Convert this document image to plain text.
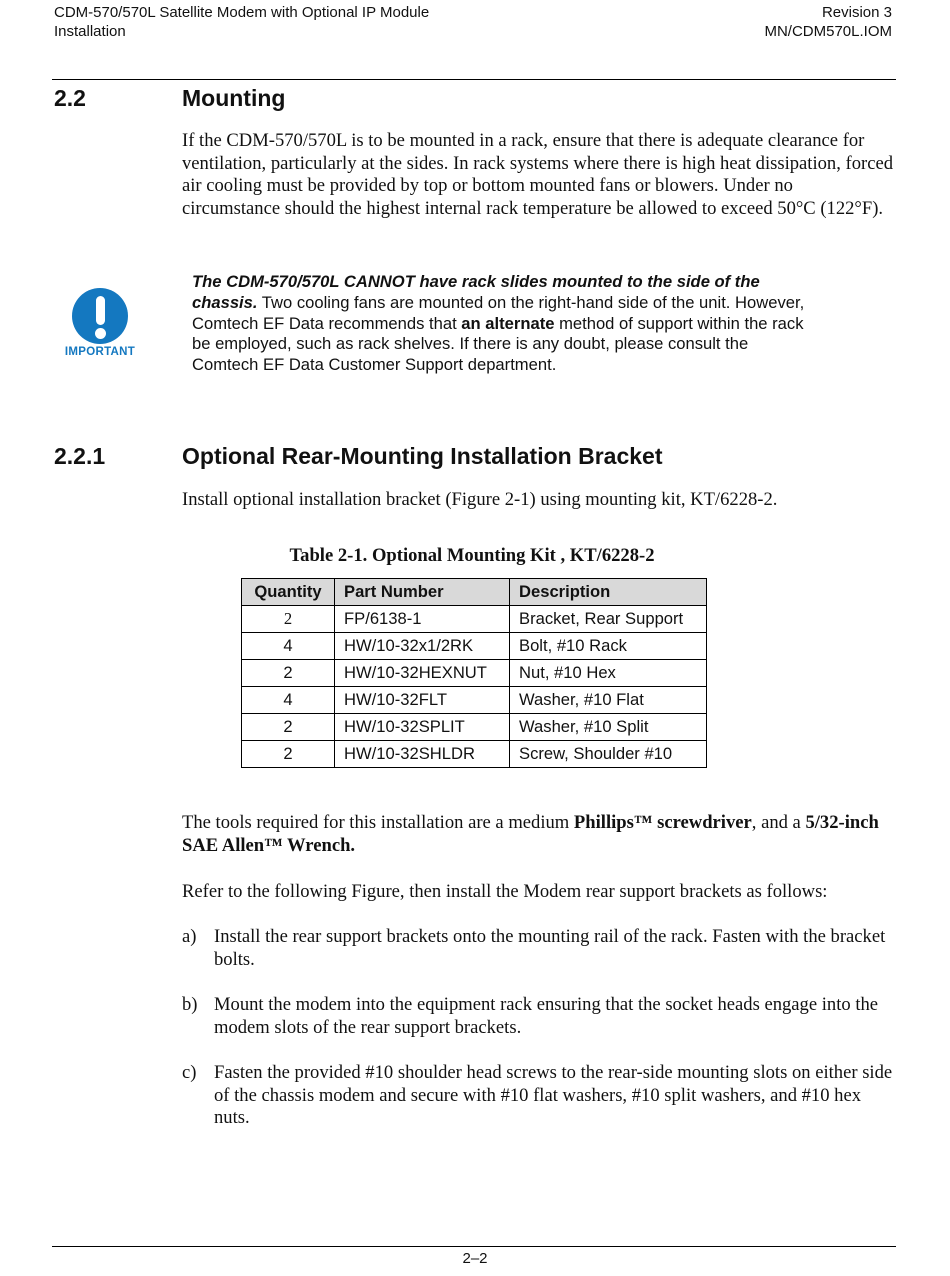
CDM-570/570L Satellite Modem with Optional IP Module
Installation
Revision 3
MN/CDM570L.IOM
2.2	Mounting

If the CDM-570/570L is to be mounted in a rack, ensure that there is adequate clearance for ventilation, particularly at the sides. In rack systems where there is high heat dissipation, forced air cooling must be provided by top or bottom mounted fans or blowers. Under no circumstance should the highest internal rack temperature be allowed to exceed 50°C (122°F).

IMPORTANT

The CDM-570/570L CANNOT have rack slides mounted to the side of the chassis. Two cooling fans are mounted on the right-hand side of the unit. However, Comtech EF Data recommends that an alternate method of support within the rack be employed, such as rack shelves. If there is any doubt, please consult the Comtech EF Data Customer Support department.

2.2.1	Optional Rear-Mounting Installation Bracket

Install optional installation bracket (Figure 2-1) using mounting kit, KT/6228-2.

Table 2-1. Optional Mounting Kit , KT/6228-2
Quantity	Part Number	Description
2	FP/6138-1	Bracket, Rear Support
4	HW/10-32x1/2RK	Bolt, #10 Rack
2	HW/10-32HEXNUT	Nut, #10 Hex
4	HW/10-32FLT	Washer, #10 Flat
2	HW/10-32SPLIT	Washer, #10 Split
2	HW/10-32SHLDR	Screw, Shoulder #10

The tools required for this installation are a medium Phillips™ screwdriver, and a 5/32-inch SAE Allen™ Wrench.

Refer to the following Figure, then install the Modem rear support brackets as follows:

a) Install the rear support brackets onto the mounting rail of the rack. Fasten with the bracket bolts.
b) Mount the modem into the equipment rack ensuring that the socket heads engage into the modem slots of the rear support brackets.
c) Fasten the provided #10 shoulder head screws to the rear-side mounting slots on either side of the chassis modem and secure with #10 flat washers, #10 split washers, and #10 hex nuts.
2–2
